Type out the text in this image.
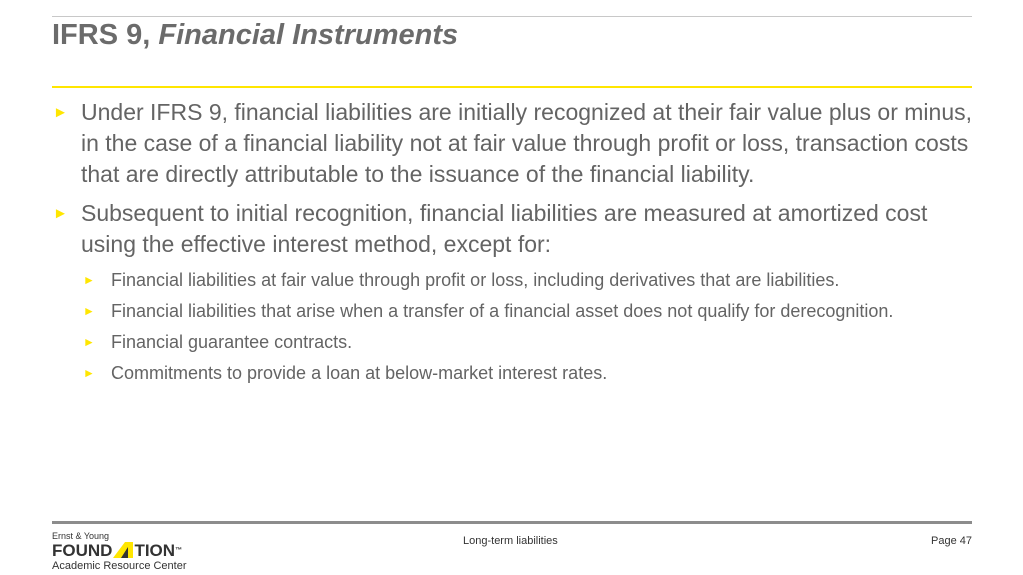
IFRS 9, Financial Instruments
► Under IFRS 9, financial liabilities are initially recognized at their fair value plus or minus, in the case of a financial liability not at fair value through profit or loss, transaction costs that are directly attributable to the issuance of the financial liability.
► Subsequent to initial recognition, financial liabilities are measured at amortized cost using the effective interest method, except for:
► Financial liabilities at fair value through profit or loss, including derivatives that are liabilities.
► Financial liabilities that arise when a transfer of a financial asset does not qualify for derecognition.
► Financial guarantee contracts.
► Commitments to provide a loan at below-market interest rates.
Ernst & Young
FOUND TION™
Academic Resource Center
Long-term liabilities	Page 47
